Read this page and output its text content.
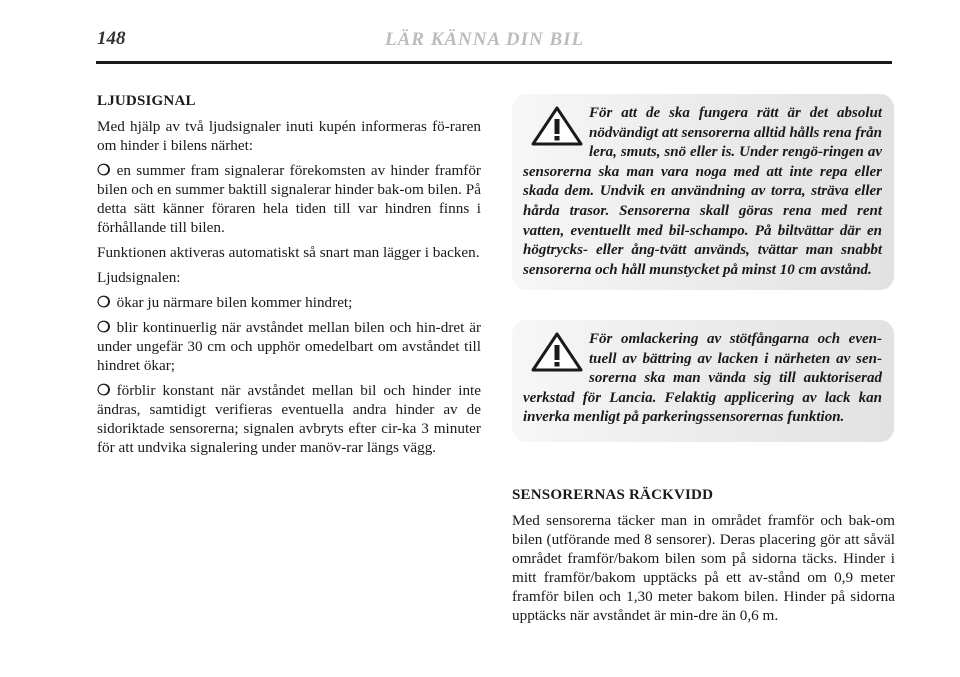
148	LÄR KÄNNA DIN BIL
LJUDSIGNAL

Med hjälp av två ljudsignaler inuti kupén informeras fö-raren om hinder i bilens närhet:

❍ en summer fram signalerar förekomsten av hinder framför bilen och en summer baktill signalerar hinder bak-om bilen. På detta sätt känner föraren hela tiden till var hindren finns i förhållande till bilen.

Funktionen aktiveras automatiskt så snart man lägger i backen.

Ljudsignalen:

❍ ökar ju närmare bilen kommer hindret;

❍ blir kontinuerlig när avståndet mellan bilen och hin-dret är under ungefär 30 cm och upphör omedelbart om avståndet till hindret ökar;

❍ förblir konstant när avståndet mellan bil och hinder inte ändras, samtidigt verifieras eventuella andra hinder av de sidoriktade sensorerna; signalen avbryts efter cir-ka 3 minuter för att undvika signalering under manöv-rar längs vägg.

För att de ska fungera rätt är det absolut nödvändigt att sensorerna alltid hålls rena från lera, smuts, snö eller is. Under rengö-ringen av sensorerna ska man vara noga med att inte repa eller skada dem. Undvik en användning av torra, sträva eller hårda trasor. Sensorerna skall göras rena med rent vatten, eventuellt med bil-schampo. På biltvättar där en högtrycks- eller ång-tvätt används, tvättar man snabbt sensorerna och håll munstycket på minst 10 cm avstånd.
För omlackering av stötfångarna och even-tuell av bättring av lacken i närheten av sen-sorerna ska man vända sig till auktoriserad verkstad för Lancia. Felaktig applicering av lack kan inverka menligt på parkeringssensorernas funktion.
SENSORERNAS RÄCKVIDD

Med sensorerna täcker man in området framför och bak-om bilen (utförande med 8 sensorer). Deras placering gör att såväl området framför/bakom bilen som på sidorna täcks. Hinder i mitt framför/bakom upptäcks på ett av-stånd om 0,9 meter framför bilen och 1,30 meter bakom bilen. Hinder på sidorna upptäcks när avståndet är min-dre än 0,6 m.
